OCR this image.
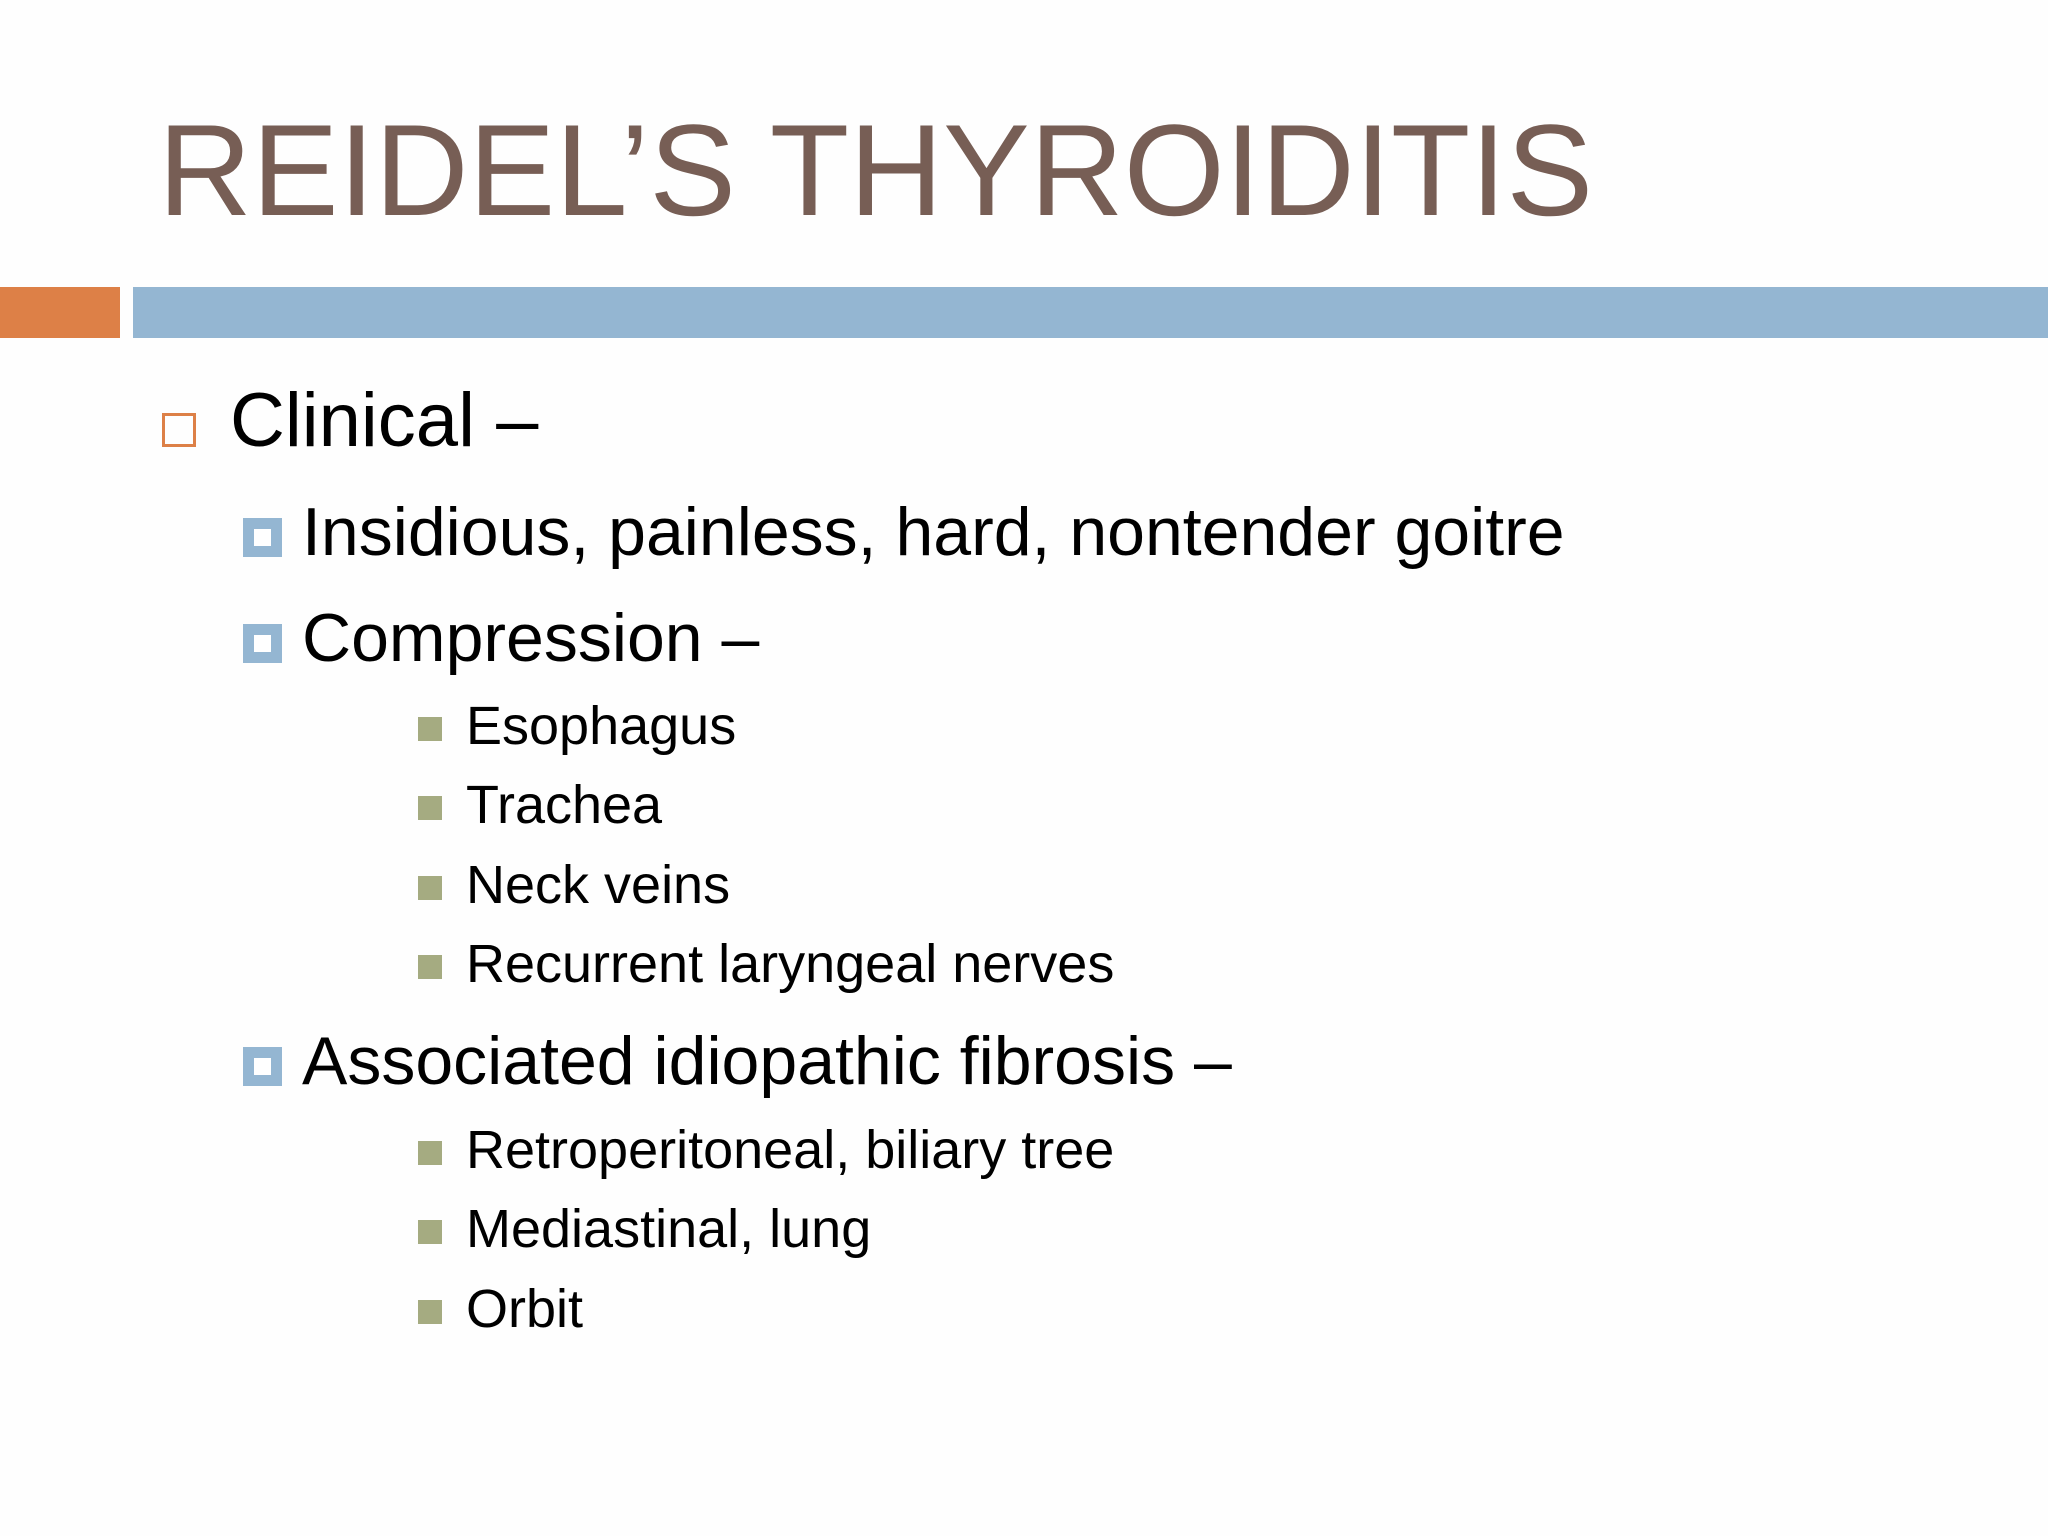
REIDEL’S THYROIDITIS
Clinical –
Insidious, painless, hard, nontender goitre
Compression –
Esophagus
Trachea
Neck veins
Recurrent laryngeal nerves
Associated idiopathic fibrosis –
Retroperitoneal, biliary tree
Mediastinal, lung
Orbit
